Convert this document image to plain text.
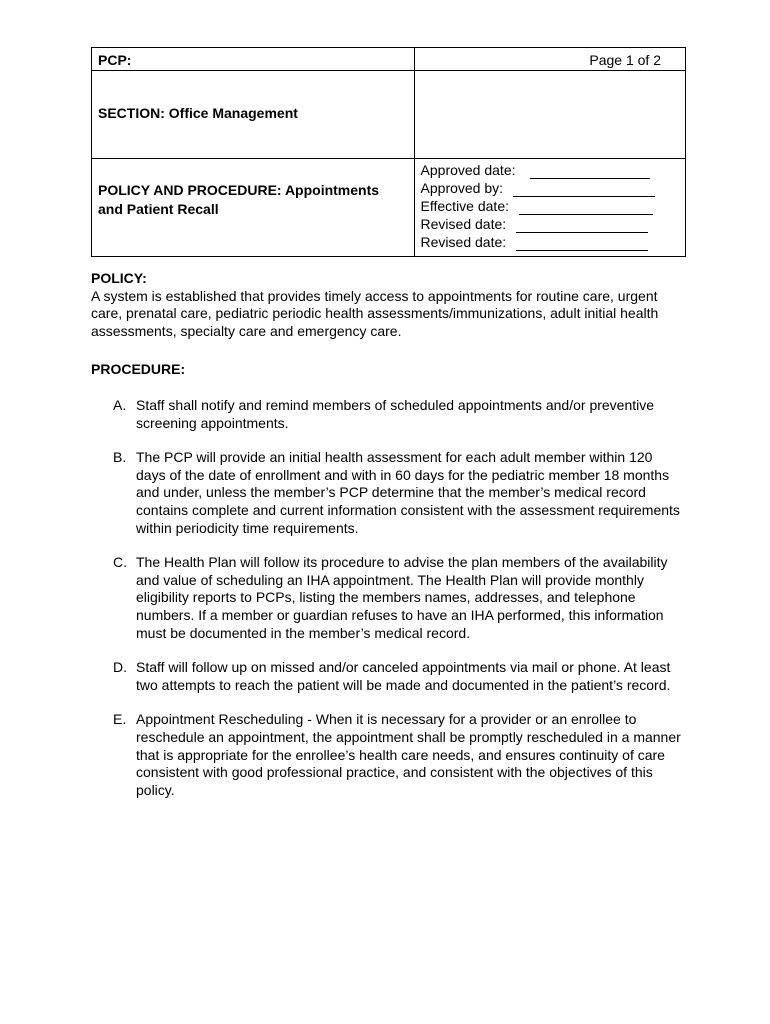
PCP:	Page 1 of 2

SECTION: Office Management	

POLICY AND PROCEDURE: Appointments and Patient Recall	Approved date:
Approved by:
Effective date:
Revised date:
Revised date:
POLICY:
A system is established that provides timely access to appointments for routine care, urgent care, prenatal care, pediatric periodic health assessments/immunizations, adult initial health assessments, specialty care and emergency care.
PROCEDURE:
A. Staff shall notify and remind members of scheduled appointments and/or preventive screening appointments.
B. The PCP will provide an initial health assessment for each adult member within 120 days of the date of enrollment and with in 60 days for the pediatric member 18 months and under, unless the member’s PCP determine that the member’s medical record contains complete and current information consistent with the assessment requirements within periodicity time requirements.
C. The Health Plan will follow its procedure to advise the plan members of the availability and value of scheduling an IHA appointment. The Health Plan will provide monthly eligibility reports to PCPs, listing the members names, addresses, and telephone numbers. If a member or guardian refuses to have an IHA performed, this information must be documented in the member’s medical record.
D. Staff will follow up on missed and/or canceled appointments via mail or phone. At least two attempts to reach the patient will be made and documented in the patient’s record.
E. Appointment Rescheduling - When it is necessary for a provider or an enrollee to reschedule an appointment, the appointment shall be promptly rescheduled in a manner that is appropriate for the enrollee’s health care needs, and ensures continuity of care consistent with good professional practice, and consistent with the objectives of this policy.
